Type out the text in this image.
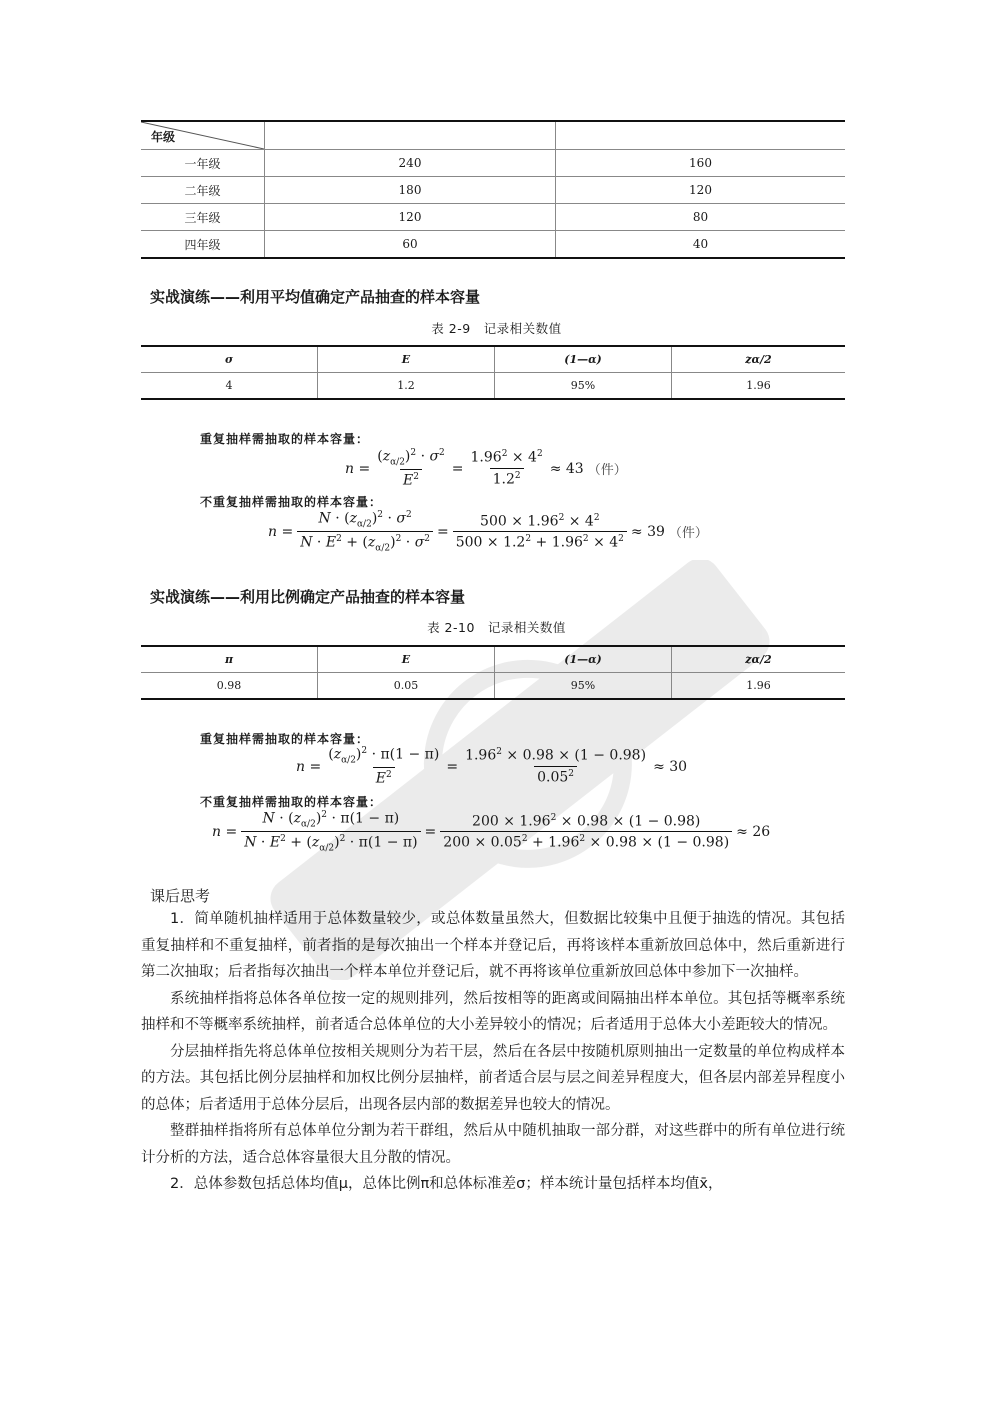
年级		

一年级	240	160
二年级	180	120
三年级	120	80
四年级	60	40
实战演练——利用平均值确定产品抽查的样本容量
表 2-9　记录相关数值
σ	E	(1—α)	zα/2
4	1.2	95%	1.96
重复抽样需抽取的样本容量：
$n = \frac{(z_{\alpha/2})^2 \cdot \sigma^2}{E^2} = \frac{1.96^2 \times 4^2}{1.2^2} \approx 43$ （件）
不重复抽样需抽取的样本容量：
$n = \frac{N \cdot (z_{\alpha/2})^2 \cdot \sigma^2}{N \cdot E^2 + (z_{\alpha/2})^2 \cdot \sigma^2} = \frac{500 \times 1.96^2 \times 4^2}{500 \times 1.2^2 + 1.96^2 \times 4^2} \approx 39$ （件）
实战演练——利用比例确定产品抽查的样本容量
表 2-10　记录相关数值
π	E	(1—α)	zα/2
0.98	0.05	95%	1.96
重复抽样需抽取的样本容量：
$n = \frac{(z_{\alpha/2})^2 \cdot \pi(1 - \pi)}{E^2} = \frac{1.96^2 \times 0.98 \times (1 - 0.98)}{0.05^2} \approx 30$
不重复抽样需抽取的样本容量：
$n = \frac{N \cdot (z_{\alpha/2})^2 \cdot \pi(1 - \pi)}{N \cdot E^2 + (z_{\alpha/2})^2 \cdot \pi(1 - \pi)} = \frac{200 \times 1.96^2 \times 0.98 \times (1 - 0.98)}{200 \times 0.05^2 + 1.96^2 \times 0.98 \times (1 - 0.98)} \approx 26$
课后思考

1．简单随机抽样适用于总体数量较少，或总体数量虽然大，但数据比较集中且便于抽选的情况。其包括重复抽样和不重复抽样，前者指的是每次抽出一个样本并登记后，再将该样本重新放回总体中，然后重新进行第二次抽取；后者指每次抽出一个样本单位并登记后，就不再将该单位重新放回总体中参加下一次抽样。

系统抽样指将总体各单位按一定的规则排列，然后按相等的距离或间隔抽出样本单位。其包括等概率系统抽样和不等概率系统抽样，前者适合总体单位的大小差异较小的情况；后者适用于总体大小差距较大的情况。

分层抽样指先将总体单位按相关规则分为若干层，然后在各层中按随机原则抽出一定数量的单位构成样本的方法。其包括比例分层抽样和加权比例分层抽样，前者适合层与层之间差异程度大，但各层内部差异程度小的总体；后者适用于总体分层后，出现各层内部的数据差异也较大的情况。

整群抽样指将所有总体单位分割为若干群组，然后从中随机抽取一部分群，对这些群中的所有单位进行统计分析的方法，适合总体容量很大且分散的情况。

2．总体参数包括总体均值μ，总体比例π和总体标准差σ；样本统计量包括样本均值x̄，
